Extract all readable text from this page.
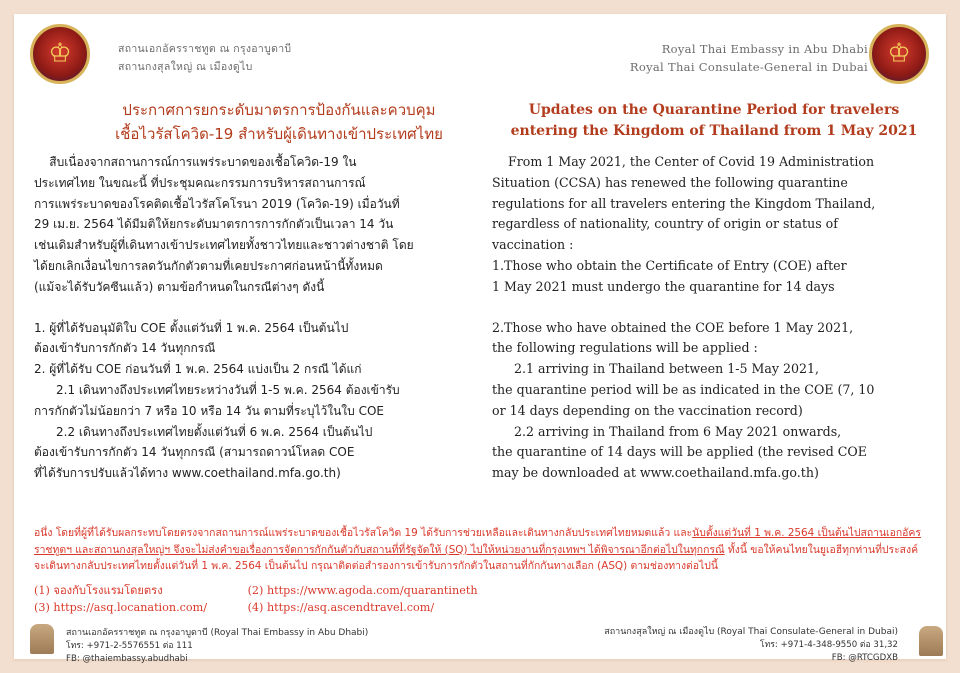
♔	สถานเอกอัครราชทูต ณ กรุงอาบูดาบี
สถานกงสุลใหญ่ ณ เมืองดูไบ
Royal Thai Embassy in Abu Dhabi
Royal Thai Consulate-General in Dubai ♔
ประกาศการยกระดับมาตรการป้องกันและควบคุม
เชื้อไวรัสโควิด-19 สำหรับผู้เดินทางเข้าประเทศไทย
Updates on the Quarantine Period for travelers
entering the Kingdom of Thailand from 1 May 2021

สืบเนื่องจากสถานการณ์การแพร่ระบาดของเชื้อโควิด-19 ใน

ประเทศไทย ในขณะนี้ ที่ประชุมคณะกรรมการบริหารสถานการณ์

การแพร่ระบาดของโรคติดเชื้อไวรัสโคโรนา 2019 (โควิด-19) เมื่อวันที่

29 เม.ย. 2564 ได้มีมติให้ยกระดับมาตรการการกักตัวเป็นเวลา 14 วัน

เช่นเดิมสำหรับผู้ที่เดินทางเข้าประเทศไทยทั้งชาวไทยและชาวต่างชาติ โดย

ได้ยกเลิกเงื่อนไขการลดวันกักตัวตามที่เคยประกาศก่อนหน้านี้ทั้งหมด

(แม้จะได้รับวัคซีนแล้ว) ตามข้อกำหนดในกรณีต่างๆ ดังนี้

1. ผู้ที่ได้รับอนุมัติใบ COE ตั้งแต่วันที่ 1 พ.ค. 2564 เป็นต้นไป

ต้องเข้ารับการกักตัว 14 วันทุกกรณี

2. ผู้ที่ได้รับ COE ก่อนวันที่ 1 พ.ค. 2564 แบ่งเป็น 2 กรณี ได้แก่

2.1 เดินทางถึงประเทศไทยระหว่างวันที่ 1-5 พ.ค. 2564 ต้องเข้ารับ

การกักตัวไม่น้อยกว่า 7 หรือ 10 หรือ 14 วัน ตามที่ระบุไว้ในใบ COE

2.2 เดินทางถึงประเทศไทยตั้งแต่วันที่ 6 พ.ค. 2564 เป็นต้นไป

ต้องเข้ารับการกักตัว 14 วันทุกกรณี (สามารถดาวน์โหลด COE

ที่ได้รับการปรับแล้วได้ทาง www.coethailand.mfa.go.th)

From 1 May 2021, the Center of Covid 19 Administration

Situation (CCSA) has renewed the following quarantine

regulations for all travelers entering the Kingdom Thailand,

regardless of nationality, country of origin or status of

vaccination :

1.Those who obtain the Certificate of Entry (COE) after

1 May 2021 must undergo the quarantine for 14 days

2.Those who have obtained the COE before 1 May 2021,

the following regulations will be applied :

2.1 arriving in Thailand between 1-5 May 2021,

the quarantine period will be as indicated in the COE (7, 10

or 14 days depending on the vaccination record)

2.2 arriving in Thailand from 6 May 2021 onwards,

the quarantine of 14 days will be applied (the revised COE

may be downloaded at www.coethailand.mfa.go.th)

อนึ่ง โดยที่ผู้ที่ได้รับผลกระทบโดยตรงจากสถานการณ์แพร่ระบาดของเชื้อไวรัสโควิด 19 ได้รับการช่วยเหลือและเดินทางกลับประเทศไทยหมดแล้ว และนับตั้งแต่วันที่ 1 พ.ค. 2564 เป็นต้นไปสถานเอกอัครราชทูตฯ และสถานกงสุลใหญ่ฯ จึงจะไม่ส่งคำขอเรื่องการจัดการกักกันตัวกับสถานที่ที่รัฐจัดให้ (SQ) ไปให้หน่วยงานที่กรุงเทพฯ ได้พิจารณาอีกต่อไปในทุกกรณี ทั้งนี้ ขอให้คนไทยในยูเอฮีทุกท่านที่ประสงค์จะเดินทางกลับประเทศไทยตั้งแต่วันที่ 1 พ.ค. 2564 เป็นต้นไป กรุณาติดต่อสำรองการเข้ารับการกักตัวในสถานที่กักกันทางเลือก (ASQ) ตามช่องทางต่อไปนี้
(1) จองกับโรงแรมโดยตรง	(2) https://www.agoda.com/quarantineth
(3) https://asq.locanation.com/	(4) https://asq.ascendtravel.com/
สถานเอกอัครราชทูต ณ กรุงอาบูดาบี (Royal Thai Embassy in Abu Dhabi)
โทร: +971-2-5576551 ต่อ 111
FB: @thaiembassy.abudhabi
สถานกงสุลใหญ่ ณ เมืองดูไบ (Royal Thai Consulate-General in Dubai)
โทร: +971-4-348-9550 ต่อ 31,32
FB: @RTCGDXB
